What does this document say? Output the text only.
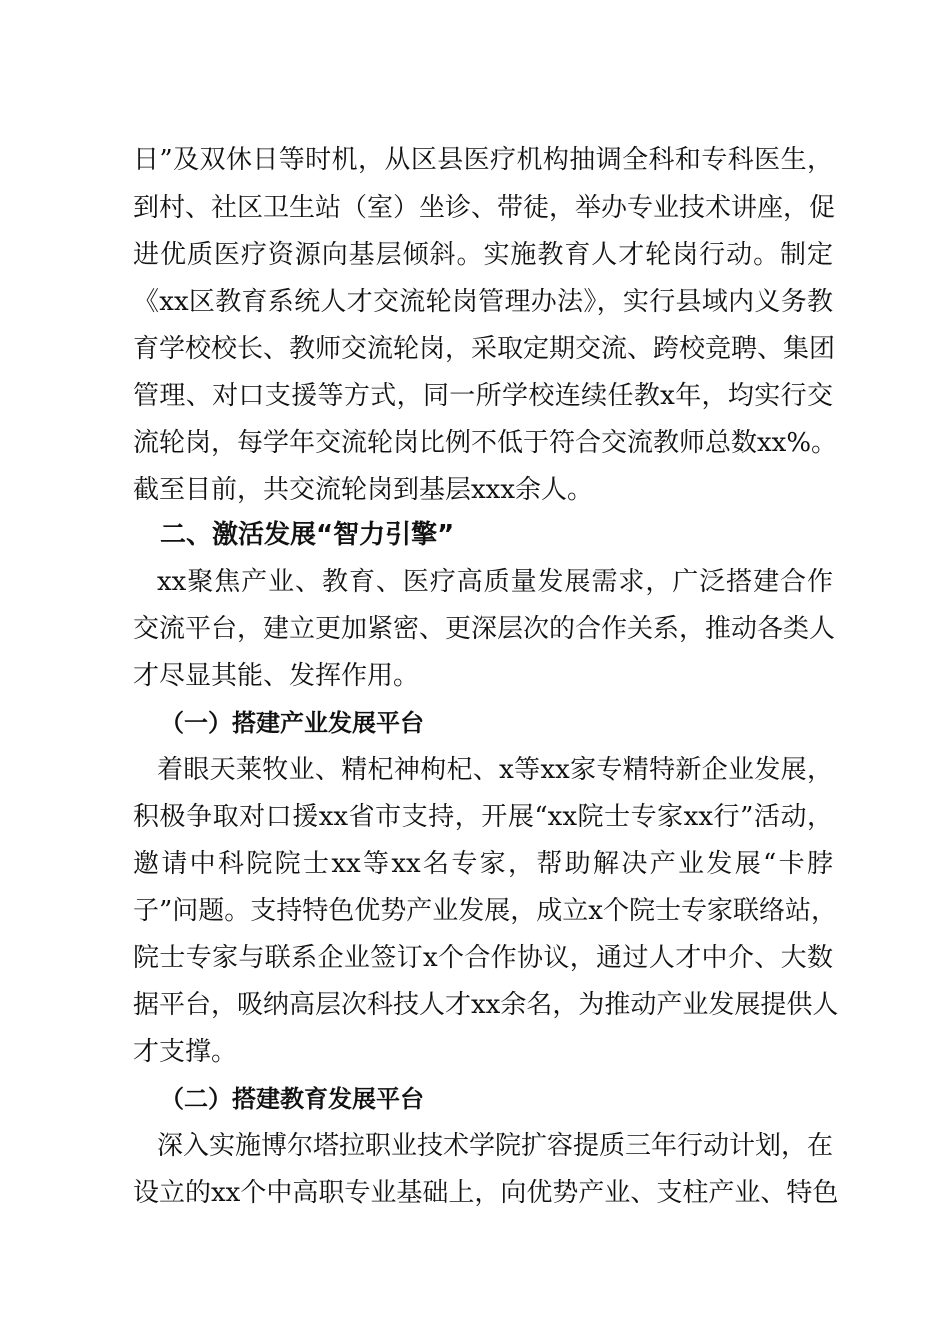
日”及双休日等时机，从区县医疗机构抽调全科和专科医生，
到村、社区卫生站（室）坐诊、带徒，举办专业技术讲座，促
进优质医疗资源向基层倾斜。实施教育人才轮岗行动。制定
《xx区教育系统人才交流轮岗管理办法》，实行县域内义务教
育学校校长、教师交流轮岗，采取定期交流、跨校竞聘、集团
管理、对口支援等方式，同一所学校连续任教x年，均实行交
流轮岗，每学年交流轮岗比例不低于符合交流教师总数xx%。
截至目前，共交流轮岗到基层xxx余人。
二、激活发展“智力引擎”
xx聚焦产业、教育、医疗高质量发展需求，广泛搭建合作
交流平台，建立更加紧密、更深层次的合作关系，推动各类人
才尽显其能、发挥作用。
（一）搭建产业发展平台
着眼天莱牧业、精杞神枸杞、x等xx家专精特新企业发展，
积极争取对口援xx省市支持，开展“xx院士专家xx行”活动，
邀请中科院院士xx等xx名专家，帮助解决产业发展“卡脖
子”问题。支持特色优势产业发展，成立x个院士专家联络站，
院士专家与联系企业签订x个合作协议，通过人才中介、大数
据平台，吸纳高层次科技人才xx余名，为推动产业发展提供人
才支撑。
（二）搭建教育发展平台
深入实施博尔塔拉职业技术学院扩容提质三年行动计划，在
设立的xx个中高职专业基础上，向优势产业、支柱产业、特色
